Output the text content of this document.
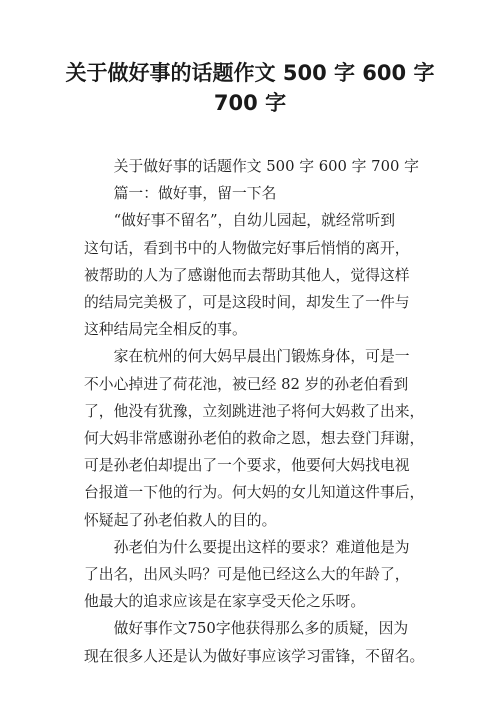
关于做好事的话题作文 500 字 600 字
700 字

关于做好事的话题作文 500 字 600 字 700 字

篇一：做好事，留一下名

“做好事不留名”，自幼儿园起，就经常听到

这句话，看到书中的人物做完好事后悄悄的离开，

被帮助的人为了感谢他而去帮助其他人，觉得这样

的结局完美极了，可是这段时间，却发生了一件与

这种结局完全相反的事。

家在杭州的何大妈早晨出门锻炼身体，可是一

不小心掉进了荷花池，被已经 82 岁的孙老伯看到

了，他没有犹豫，立刻跳进池子将何大妈救了出来，

何大妈非常感谢孙老伯的救命之恩，想去登门拜谢，

可是孙老伯却提出了一个要求，他要何大妈找电视

台报道一下他的行为。何大妈的女儿知道这件事后，

怀疑起了孙老伯救人的目的。

孙老伯为什么要提出这样的要求？难道他是为

了出名，出风头吗？可是他已经这么大的年龄了，

他最大的追求应该是在家享受天伦之乐呀。

做好事作文750字他获得那么多的质疑，因为

现在很多人还是认为做好事应该学习雷锋，不留名。
